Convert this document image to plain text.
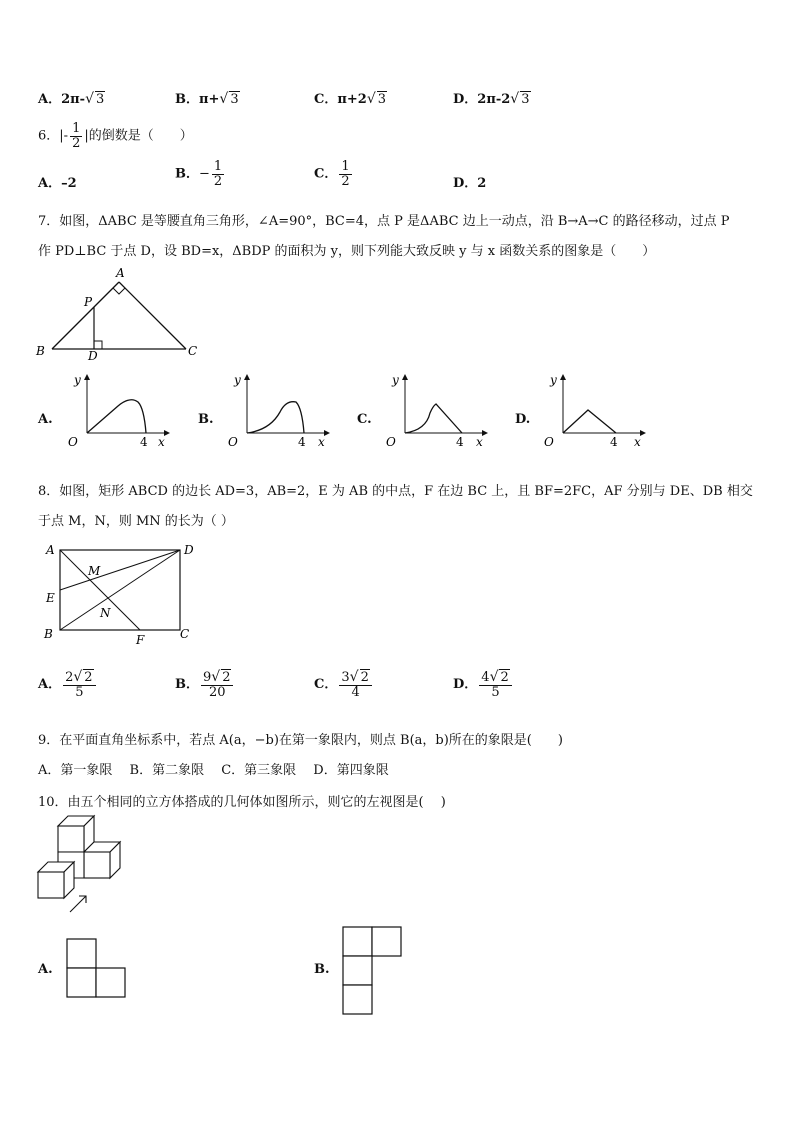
A．2π-√ 3	B．π+√ 3	C．π+2√ 3	D．2π-2√ 3
6．|- $\frac{1}{2}$ |的倒数是（　　）
A．–2
B．− $\frac{1}{2}$	C． $\frac{1}{2}$	D．2
7．如图，ΔABC 是等腰直角三角形，∠A=90°，BC=4，点 P 是ΔABC 边上一动点，沿 B→A→C 的路径移动，过点 P
作 PD⊥BC 于点 D，设 BD=x，ΔBDP 的面积为 y，则下列能大致反映 y 与 x 函数关系的图象是（　　）
A
P
B	D	C
A.
y
x
O	4
B.
y
x
O	4
C.
y
x
O	4
D.
y
x
O	4
8．如图，矩形 ABCD 的边长 AD=3，AB=2，E 为 AB 的中点，F 在边 BC 上，且 BF=2FC，AF 分别与 DE、DB 相交
于点 M，N，则 MN 的长为（ ）
A	D
M
E
N
B	F	C
A． $\frac{2√ 2}{5}$	B． $\frac{9√ 2}{20}$	C． $\frac{3√ 2}{4}$	D． $\frac{4√ 2}{5}$
9．在平面直角坐标系中，若点 A(a，−b)在第一象限内，则点 B(a，b)所在的象限是(　　)
A．第一象限　 B．第二象限　 C．第三象限　 D．第四象限
10．由五个相同的立方体搭成的几何体如图所示，则它的左视图是(　 )
A.	B.
